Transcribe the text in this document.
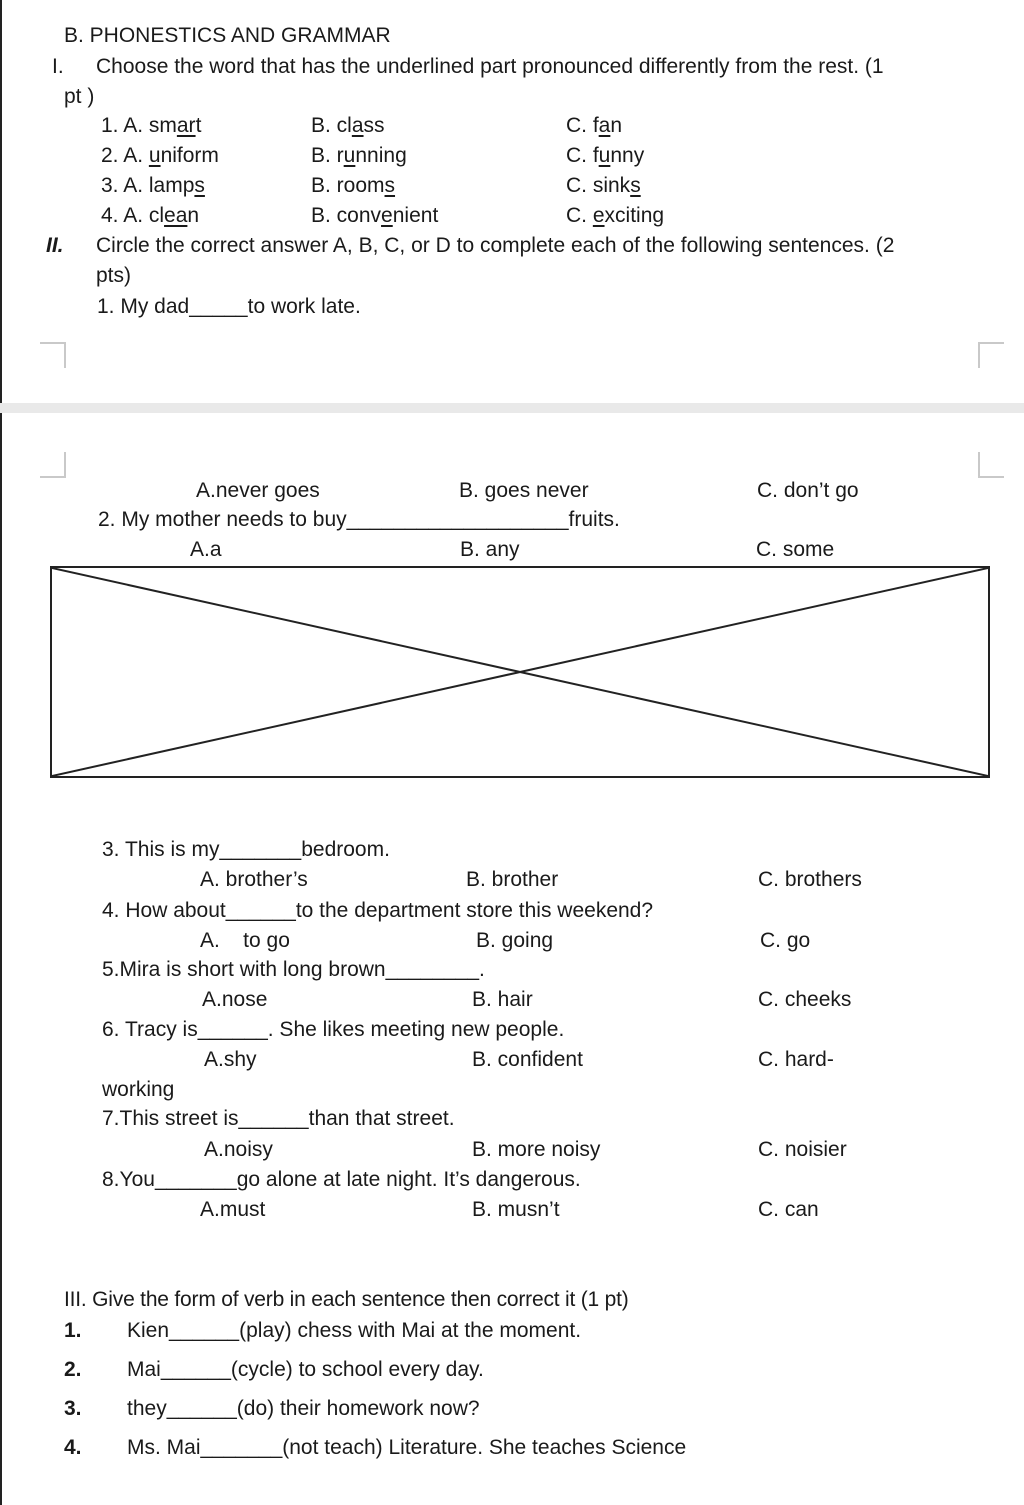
B. PHONESTICS AND GRAMMAR
I. Choose the word that has the underlined part pronounced differently from the rest. (1
pt )
1. A. smart	B. class	C. fan
2. A. uniform	B. running	C. funny
3. A. lamps	B. rooms	C. sinks
4. A. clean	B. convenient	C. exciting
II. Circle the correct answer A, B, C, or D to complete each of the following sentences. (2
pts)
1. My dad_____to work late.
A.never goes	B. goes never	C. don’t go
2. My mother needs to buy___________________fruits.
A.a	B. any	C. some
3. This is my_______bedroom.
A. brother’s	B. brother	C. brothers
4. How about______to the department store this weekend?
A.    to go	B. going	C. go
5.Mira is short with long brown________.
A.nose	B. hair	C. cheeks
6. Tracy is______. She likes meeting new people.
A.shy	B. confident	C. hard-
working
7.This street is______than that street.
A.noisy	B. more noisy	C. noisier
8.You_______go alone at late night. It’s dangerous.
A.must	B. musn’t	C. can
III. Give the form of verb in each sentence then correct it (1 pt)
1. Kien______(play) chess with Mai at the moment.
2. Mai______(cycle) to school every day.
3. they______(do) their homework now?
4. Ms. Mai_______(not teach) Literature. She teaches Science
